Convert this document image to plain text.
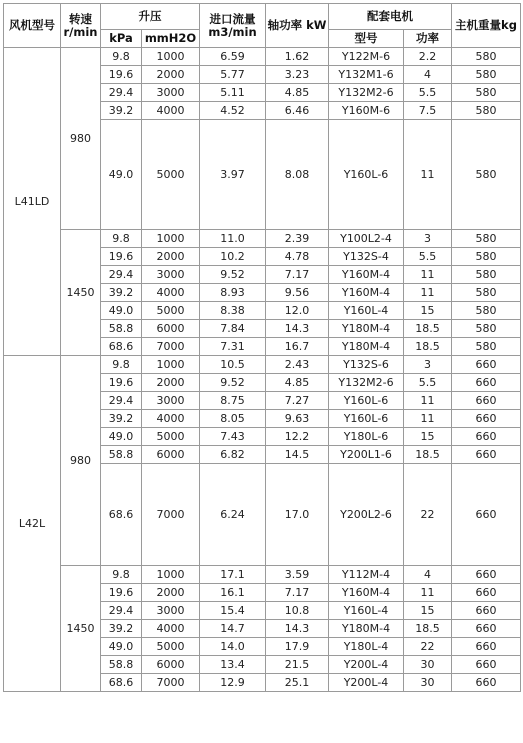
风机型号	转速r/min	升压		进口流量m3/min	轴功率 kW	配套电机		主机重量kg
		kPa	mmH2O			型号	功率	
L41LD	980	9.8	1000	6.59	1.62	Y122M-6	2.2	580
		19.6	2000	5.77	3.23	Y132M1-6	4	580
		29.4	3000	5.11	4.85	Y132M2-6	5.5	580
		39.2	4000	4.52	6.46	Y160M-6	7.5	580
		49.0	5000	3.97	8.08	Y160L-6	11	580
	1450	9.8	1000	11.0	2.39	Y100L2-4	3	580
		19.6	2000	10.2	4.78	Y132S-4	5.5	580
		29.4	3000	9.52	7.17	Y160M-4	11	580
		39.2	4000	8.93	9.56	Y160M-4	11	580
		49.0	5000	8.38	12.0	Y160L-4	15	580
		58.8	6000	7.84	14.3	Y180M-4	18.5	580
		68.6	7000	7.31	16.7	Y180M-4	18.5	580
L42L	980	9.8	1000	10.5	2.43	Y132S-6	3	660
		19.6	2000	9.52	4.85	Y132M2-6	5.5	660
		29.4	3000	8.75	7.27	Y160L-6	11	660
		39.2	4000	8.05	9.63	Y160L-6	11	660
		49.0	5000	7.43	12.2	Y180L-6	15	660
		58.8	6000	6.82	14.5	Y200L1-6	18.5	660
		68.6	7000	6.24	17.0	Y200L2-6	22	660
	1450	9.8	1000	17.1	3.59	Y112M-4	4	660
		19.6	2000	16.1	7.17	Y160M-4	11	660
		29.4	3000	15.4	10.8	Y160L-4	15	660
		39.2	4000	14.7	14.3	Y180M-4	18.5	660
		49.0	5000	14.0	17.9	Y180L-4	22	660
		58.8	6000	13.4	21.5	Y200L-4	30	660
		68.6	7000	12.9	25.1	Y200L-4	30	660
